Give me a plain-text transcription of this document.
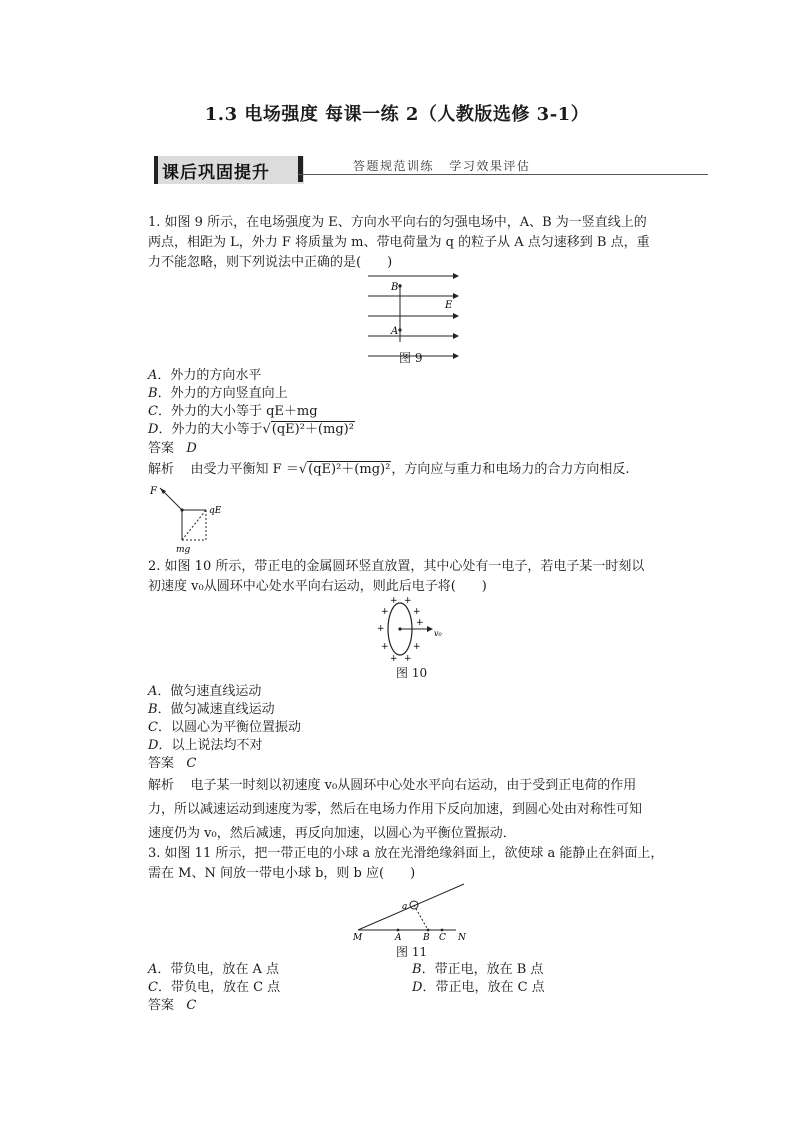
1.3 电场强度 每课一练 2（人教版选修 3-1）
课后巩固提升	答题规范训练 学习效果评估
1. 如图 9 所示，在电场强度为 E、方向水平向右的匀强电场中，A、B 为一竖直线上的
两点，相距为 L，外力 F 将质量为 m、带电荷量为 q 的粒子从 A 点匀速移到 B 点，重
力不能忽略，则下列说法中正确的是(　　)
B
A
E
图 9
A．外力的方向水平
B．外力的方向竖直向上
C．外力的大小等于 qE＋mg
D．外力的大小等于√(qE)²＋(mg)²
答案 D
解析 由受力平衡知 F ＝√(qE)²＋(mg)²，方向应与重力和电场力的合力方向相反.
F
qE
mg
2. 如图 10 所示，带正电的金属圆环竖直放置，其中心处有一电子，若电子某一时刻以
初速度 v₀从圆环中心处水平向右运动，则此后电子将(　　)
v₀
+ +
+	+
+
+
+	+
+ +
图 10
A．做匀速直线运动
B．做匀减速直线运动
C．以圆心为平衡位置振动
D．以上说法均不对
答案 C
解析 电子某一时刻以初速度 v₀从圆环中心处水平向右运动，由于受到正电荷的作用
力，所以减速运动到速度为零，然后在电场力作用下反向加速，到圆心处由对称性可知
速度仍为 v₀，然后减速，再反向加速，以圆心为平衡位置振动．
3. 如图 11 所示，把一带正电的小球 a 放在光滑绝缘斜面上，欲使球 a 能静止在斜面上，
需在 M、N 间放一带电小球 b，则 b 应(　　)
a
M	A B C N
图 11
A．带负电，放在 A 点	B．带正电，放在 B 点
C．带负电，放在 C 点	D．带正电，放在 C 点
答案 C
